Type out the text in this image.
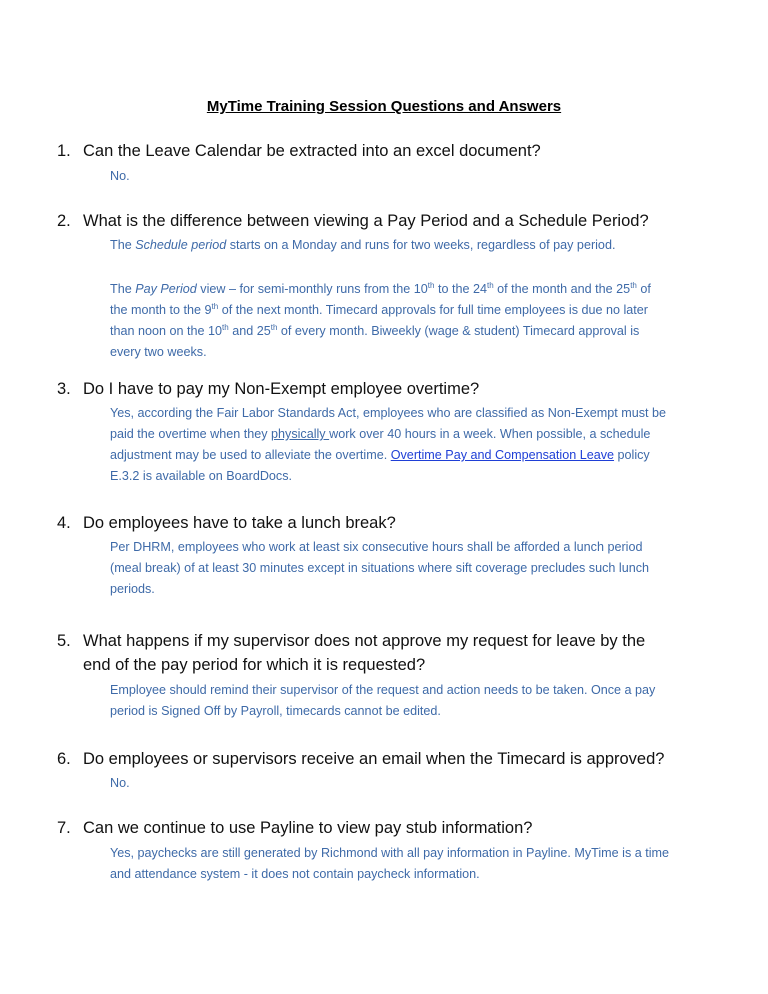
MyTime Training Session Questions and Answers
1. Can the Leave Calendar be extracted into an excel document?
No.
2. What is the difference between viewing a Pay Period and a Schedule Period?
The Schedule period starts on a Monday and runs for two weeks, regardless of pay period.
The Pay Period view – for semi-monthly runs from the 10th to the 24th of the month and the 25th of the month to the 9th of the next month. Timecard approvals for full time employees is due no later than noon on the 10th and 25th of every month. Biweekly (wage & student) Timecard approval is every two weeks.
3. Do I have to pay my Non-Exempt employee overtime?
Yes, according the Fair Labor Standards Act, employees who are classified as Non-Exempt must be paid the overtime when they physically work over 40 hours in a week. When possible, a schedule adjustment may be used to alleviate the overtime. Overtime Pay and Compensation Leave policy E.3.2 is available on BoardDocs.
4. Do employees have to take a lunch break?
Per DHRM, employees who work at least six consecutive hours shall be afforded a lunch period (meal break) of at least 30 minutes except in situations where sift coverage precludes such lunch periods.
5. What happens if my supervisor does not approve my request for leave by the end of the pay period for which it is requested?
Employee should remind their supervisor of the request and action needs to be taken. Once a pay period is Signed Off by Payroll, timecards cannot be edited.
6. Do employees or supervisors receive an email when the Timecard is approved?
No.
7. Can we continue to use Payline to view pay stub information?
Yes, paychecks are still generated by Richmond with all pay information in Payline. MyTime is a time and attendance system - it does not contain paycheck information.
